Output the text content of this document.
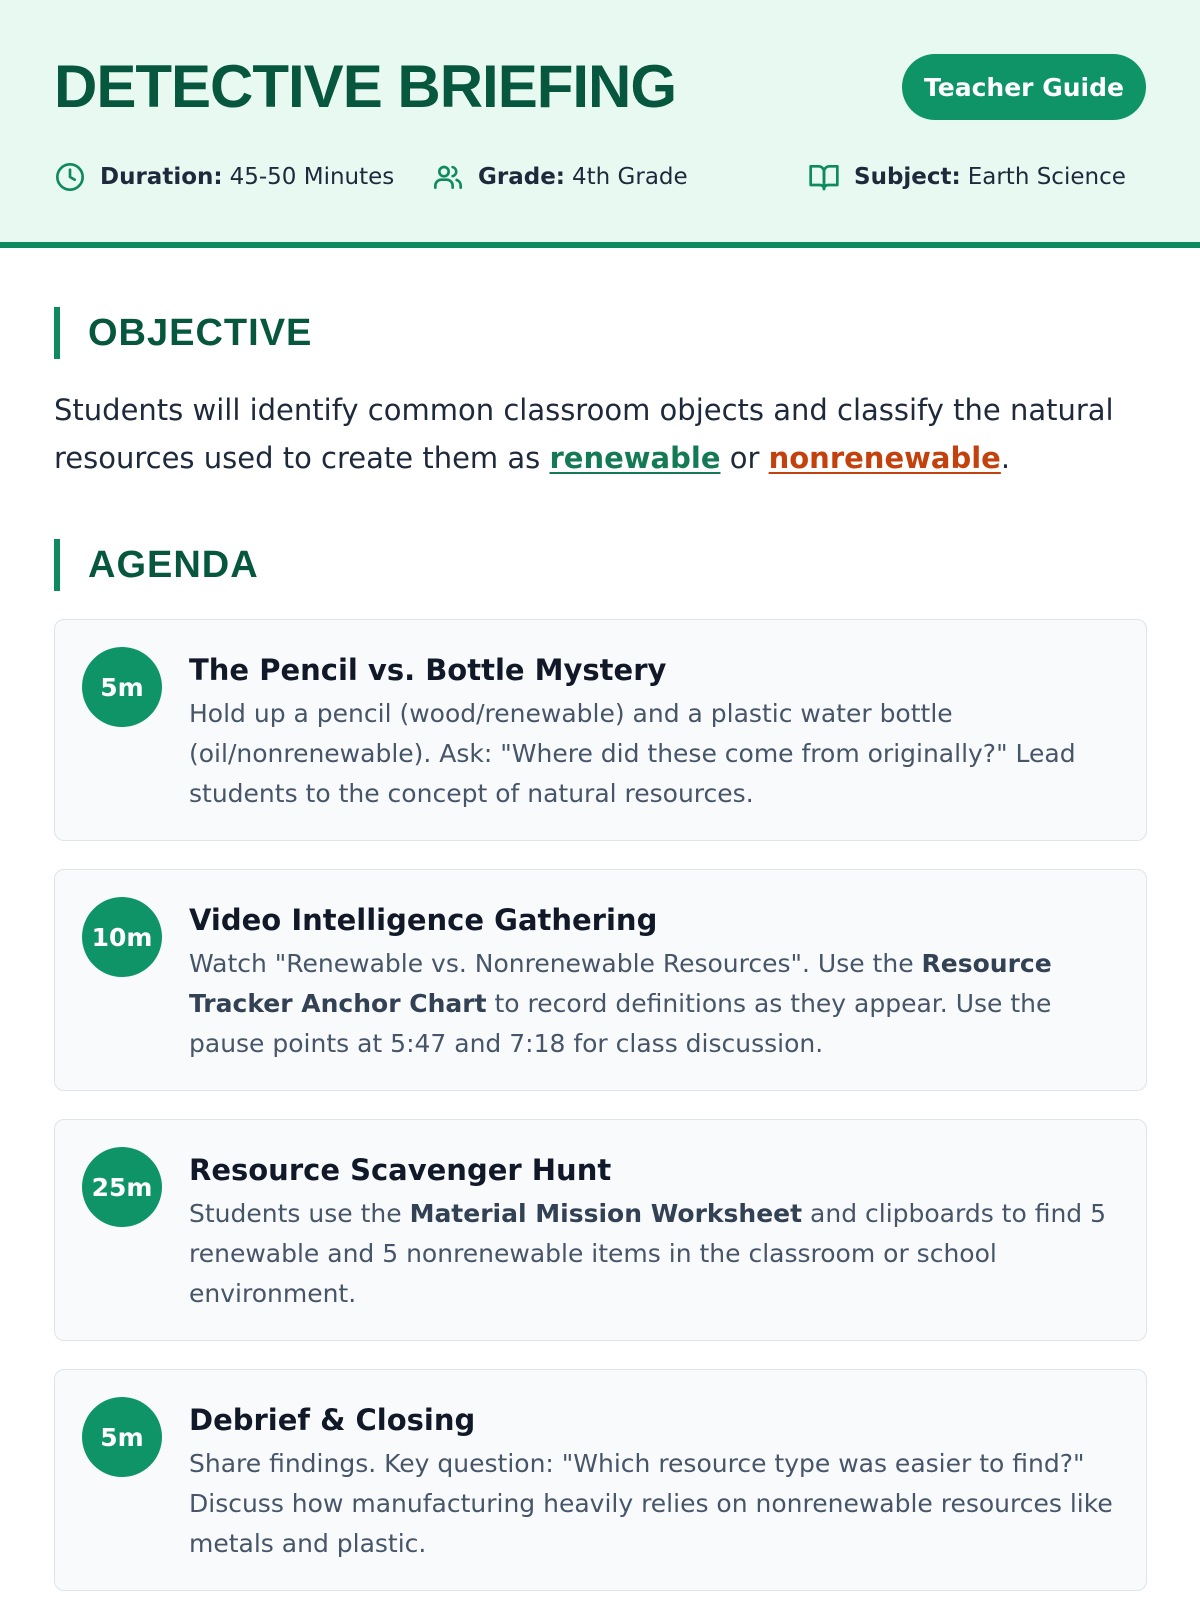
DETECTIVE BRIEFING	Teacher Guide
Duration: 45-50 Minutes	Grade: 4th Grade	Subject: Earth Science
OBJECTIVE

Students will identify common classroom objects and classify the natural resources used to create them as renewable or nonrenewable.

AGENDA
5m	The Pencil vs. Bottle Mystery

Hold up a pencil (wood/renewable) and a plastic water bottle (oil/nonrenewable). Ask: "Where did these come from originally?" Lead students to the concept of natural resources.

10m	Video Intelligence Gathering

Watch "Renewable vs. Nonrenewable Resources". Use the Resource Tracker Anchor Chart to record definitions as they appear. Use the pause points at 5:47 and 7:18 for class discussion.

25m	Resource Scavenger Hunt

Students use the Material Mission Worksheet and clipboards to find 5 renewable and 5 nonrenewable items in the classroom or school environment.

5m	Debrief & Closing

Share findings. Key question: "Which resource type was easier to find?" Discuss how manufacturing heavily relies on nonrenewable resources like metals and plastic.
